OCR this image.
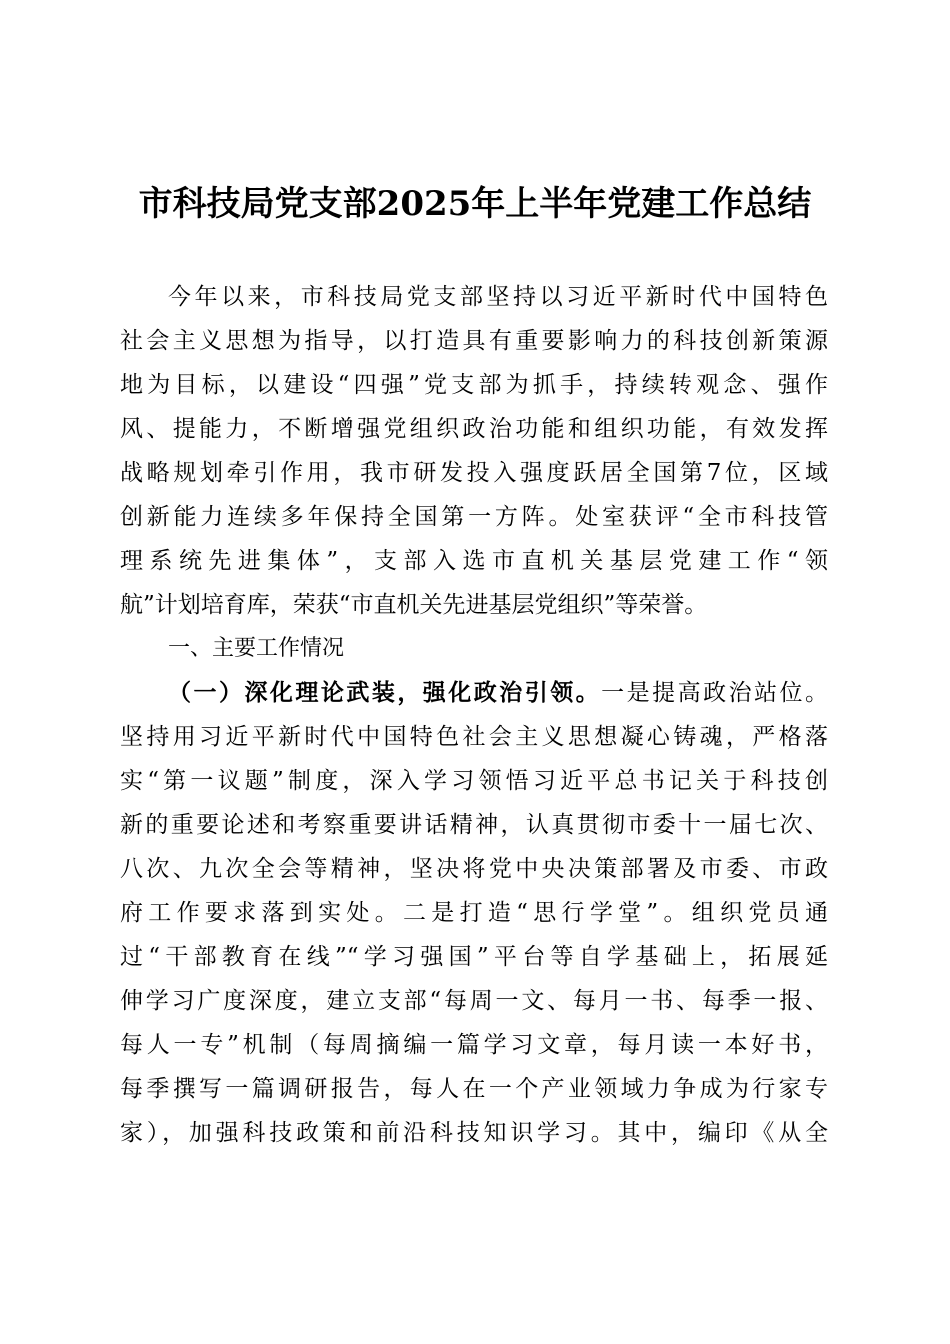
市科技局党支部2025年上半年党建工作总结
今年以来，市科技局党支部坚持以习近平新时代中国特色
社会主义思想为指导，以打造具有重要影响力的科技创新策源
地为目标，以建设“四强”党支部为抓手，持续转观念、强作
风、提能力，不断增强党组织政治功能和组织功能，有效发挥
战略规划牵引作用，我市研发投入强度跃居全国第7位，区域
创新能力连续多年保持全国第一方阵。处室获评“全市科技管
理系统先进集体”，支部入选市直机关基层党建工作“领
航”计划培育库，荣获“市直机关先进基层党组织”等荣誉。
一、主要工作情况
（一）深化理论武装，强化政治引领。一是提高政治站位。
坚持用习近平新时代中国特色社会主义思想凝心铸魂，严格落
实“第一议题”制度，深入学习领悟习近平总书记关于科技创
新的重要论述和考察重要讲话精神，认真贯彻市委十一届七次、
八次、九次全会等精神，坚决将党中央决策部署及市委、市政
府工作要求落到实处。二是打造“思行学堂”。组织党员通
过“干部教育在线”“学习强国”平台等自学基础上，拓展延
伸学习广度深度，建立支部“每周一文、每月一书、每季一报、
每人一专”机制（每周摘编一篇学习文章，每月读一本好书，
每季撰写一篇调研报告，每人在一个产业领域力争成为行家专
家），加强科技政策和前沿科技知识学习。其中，编印《从全
